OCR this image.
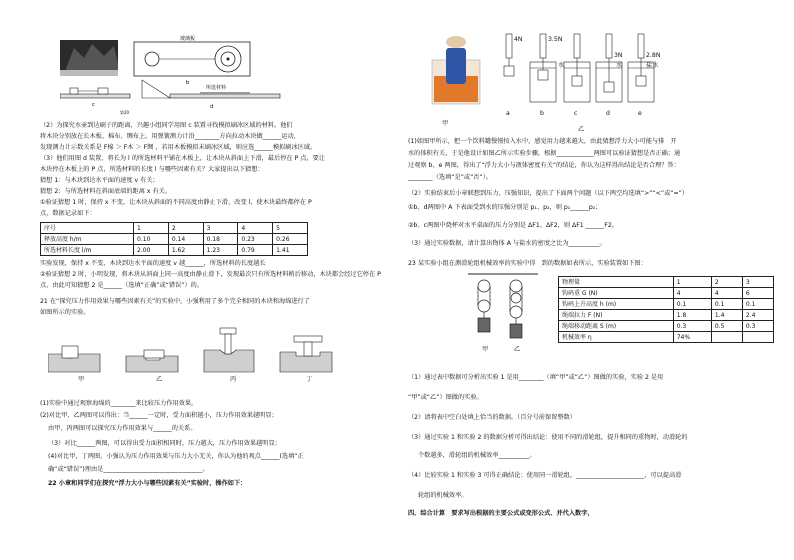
玻璃板
b
c
所选材料
d
第20
（2）为探究水壶到达刷子的距离，兴趣小组同学用图 c 装置寻找模拟刷冰区域的材料，他们
将木块分别放在长木板、棉布、绸布上，用弹簧测力计沿________方向拉动木块做______运动，
发现测力计示数关系是 F棉 ＞ F木 ＞ F绸 ，若用木板模拟未刷冰区域，则应选______模拟刷冰区域。
（3）他们用图 d 装置，将长为 l 的所选材料平铺在木板上，让木块从斜面上下滑，最后停在 P 点，要让
木块停在木板上的 P 点，所选材料的长度 l 与哪些因素有关？大家提出以下猜想：
猜想 1：与木块到达水平面的速度 v 有关；
猜想 2：与所选材料在斜面底端的距离 x 有关。
①验证猜想 1 时，保持 x 不变，让木块从斜面的不同高度由静止下滑，改变 l，使木块最终都停在 P
点，数据记录如下：
序号	1	2	3	4	5
释放高度 h/m	0.10	0.14	0.18	0.23	0.26
所选材料长度 l/m	2.00	1.62	1.23	0.79	1.41
实验发现，保持 x 不变，木块到达水平面的速度 v 越______，所选材料的长度越长
②验证猜想 2 时，小明发现，将木块从斜面上同一高度由静止滑下，发现最次只有所选材料稍后移动，木块都会经过它停在 P
点，由此可知猜想 2 是______（选填“正确”或“错误”）的。
21 在“探究压力作用效果与哪些因素有关”的实验中，小强利用了多个完全相同的木块和海绵进行了
如图所示的实验。
甲	乙	丙	丁
(1)实验中通过观察海绵的________来比较压力作用效果。
(2)对比甲、乙两图可以得出：当______一定时，受力面积越小，压力作用效果越明显；
由甲、丙两图可以探究压力作用效果与______的关系。
（3）对比______两图，可以得出受力面积相同时，压力越大，压力作用效果越明显；
(4)对比甲，丁两图，小强认为压力作用效果与压力大小无关，你认为他的观点______(选填“正
确”或“错误”)理由是________________________________。
22 小章和同学们在探究“浮力大小与哪些因素有关”实验时，操作如下：
4N	3.5N
3N	2.8N
水	水	盐水
a	b	c	d	e
甲
乙
(1)如图甲所示，把一个饮料罐慢慢按入水中，感觉用力越来越大，由此猜想浮力大小可能与排　开
水的体积有关，于是他设计如图乙所示实验步骤，根据____________两图可以验证猜想是否正确；通
过观察 b、e 两图，得出了“浮力大小与液体密度有关”的结论，你认为这样得出结论是否合理？答：
________（选填“是”或“否”）。
（2）实验结束后小章联想到压力、压强知识，提出了下面两个问题（以下两空均选填“>”“<”或“=”）
①b、d两图中 A 下表面受到水的压强分别是 p₁、p₂，则 p₁______p₂；
②b、c两图中烧杯对水平桌面的压力分别是 ΔF1、ΔF2，则 ΔF1 ______F2。
（3）通过实验数据，请计算出物体 A 与盐水的密度之比为__________。
23 某实验小组在测滑轮组机械效率的实验中得　到的数据如表所示，实验装置如下图：
甲	乙
物理量	1	2	3
钩码重 G (N)	4	4	6
钩码上升高度 h (m)	0.1	0.1	0.1
绳端拉力 F (N)	1.8	1.4	2.4
绳端移动距离 S (m)	0.3	0.5	0.3
机械效率 η	74%		
（1）通过表中数据可分析出实验 1 是用________（填“甲”或“乙”）图做的实验，实验 2 是用
“甲”或“乙”）图做的实验。
（2）请将表中空白处填上恰当的数据。（百分号前保留整数）
（3）通过实验 1 和实验 2 的数据分析可得出结论：使用不同的滑轮组，提升相同的重物时，动滑轮的
个数越多，滑轮组的机械效率__________。
（4）比较实验 1 和实验 3 可得正确结论：使用同一滑轮组，______________________，可以提高滑
轮组的机械效率。
四、综合计算　要求写出根据的主要公式或变形公式、并代入数字，
